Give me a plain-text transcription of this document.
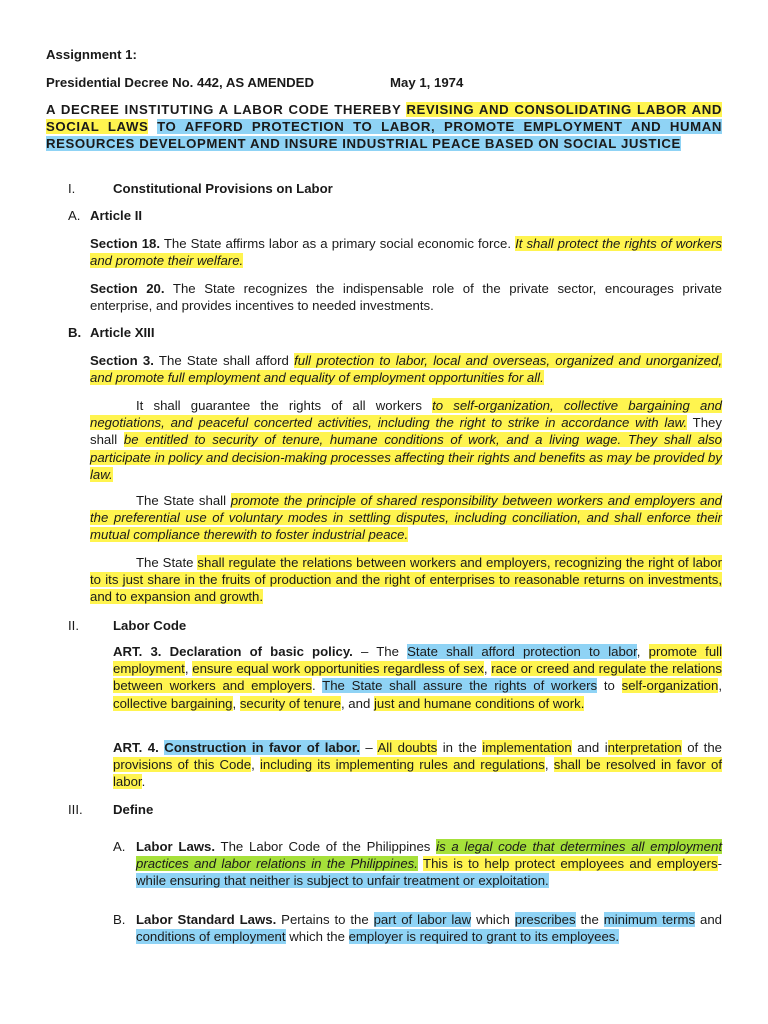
Assignment 1:
Presidential Decree No. 442, AS AMENDED	May 1, 1974
A DECREE INSTITUTING A LABOR CODE THEREBY REVISING AND CONSOLIDATING LABOR AND SOCIAL LAWS TO AFFORD PROTECTION TO LABOR, PROMOTE EMPLOYMENT AND HUMAN RESOURCES DEVELOPMENT AND INSURE INDUSTRIAL PEACE BASED ON SOCIAL JUSTICE
I.	Constitutional Provisions on Labor
A. Article II
Section 18. The State affirms labor as a primary social economic force. It shall protect the rights of workers and promote their welfare.
Section 20. The State recognizes the indispensable role of the private sector, encourages private enterprise, and provides incentives to needed investments.
B. Article XIII
Section 3. The State shall afford full protection to labor, local and overseas, organized and unorganized, and promote full employment and equality of employment opportunities for all.
It shall guarantee the rights of all workers to self-organization, collective bargaining and negotiations, and peaceful concerted activities, including the right to strike in accordance with law. They shall be entitled to security of tenure, humane conditions of work, and a living wage. They shall also participate in policy and decision-making processes affecting their rights and benefits as may be provided by law.
The State shall promote the principle of shared responsibility between workers and employers and the preferential use of voluntary modes in settling disputes, including conciliation, and shall enforce their mutual compliance therewith to foster industrial peace.
The State shall regulate the relations between workers and employers, recognizing the right of labor to its just share in the fruits of production and the right of enterprises to reasonable returns on investments, and to expansion and growth.
II.	Labor Code
ART. 3. Declaration of basic policy. – The State shall afford protection to labor, promote full employment, ensure equal work opportunities regardless of sex, race or creed and regulate the relations between workers and employers. The State shall assure the rights of workers to self-organization, collective bargaining, security of tenure, and just and humane conditions of work.
ART. 4. Construction in favor of labor. – All doubts in the implementation and interpretation of the provisions of this Code, including its implementing rules and regulations, shall be resolved in favor of labor.
III. Define
A. Labor Laws. The Labor Code of the Philippines is a legal code that determines all employment practices and labor relations in the Philippines. This is to help protect employees and employers- while ensuring that neither is subject to unfair treatment or exploitation.
B. Labor Standard Laws. Pertains to the part of labor law which prescribes the minimum terms and conditions of employment which the employer is required to grant to its employees.
